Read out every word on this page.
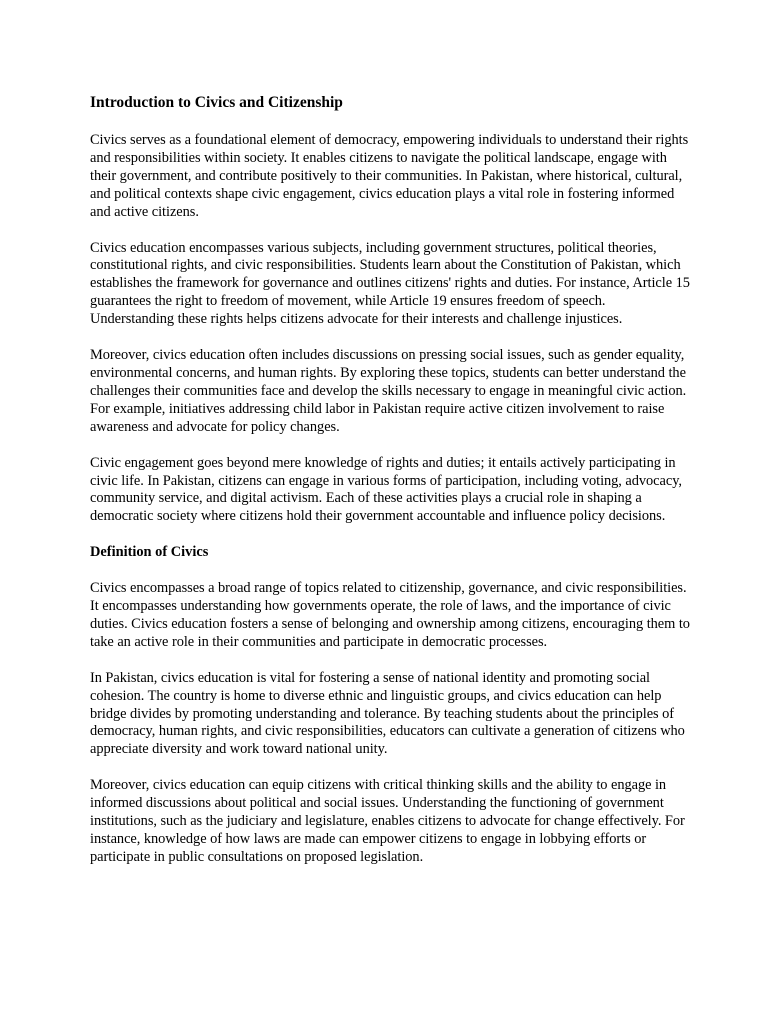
Introduction to Civics and Citizenship

Civics serves as a foundational element of democracy, empowering individuals to understand their rights and responsibilities within society. It enables citizens to navigate the political landscape, engage with their government, and contribute positively to their communities. In Pakistan, where historical, cultural, and political contexts shape civic engagement, civics education plays a vital role in fostering informed and active citizens.

Civics education encompasses various subjects, including government structures, political theories, constitutional rights, and civic responsibilities. Students learn about the Constitution of Pakistan, which establishes the framework for governance and outlines citizens' rights and duties. For instance, Article 15 guarantees the right to freedom of movement, while Article 19 ensures freedom of speech. Understanding these rights helps citizens advocate for their interests and challenge injustices.

Moreover, civics education often includes discussions on pressing social issues, such as gender equality, environmental concerns, and human rights. By exploring these topics, students can better understand the challenges their communities face and develop the skills necessary to engage in meaningful civic action. For example, initiatives addressing child labor in Pakistan require active citizen involvement to raise awareness and advocate for policy changes.

Civic engagement goes beyond mere knowledge of rights and duties; it entails actively participating in civic life. In Pakistan, citizens can engage in various forms of participation, including voting, advocacy, community service, and digital activism. Each of these activities plays a crucial role in shaping a democratic society where citizens hold their government accountable and influence policy decisions.

Definition of Civics

Civics encompasses a broad range of topics related to citizenship, governance, and civic responsibilities. It encompasses understanding how governments operate, the role of laws, and the importance of civic duties. Civics education fosters a sense of belonging and ownership among citizens, encouraging them to take an active role in their communities and participate in democratic processes.

In Pakistan, civics education is vital for fostering a sense of national identity and promoting social cohesion. The country is home to diverse ethnic and linguistic groups, and civics education can help bridge divides by promoting understanding and tolerance. By teaching students about the principles of democracy, human rights, and civic responsibilities, educators can cultivate a generation of citizens who appreciate diversity and work toward national unity.

Moreover, civics education can equip citizens with critical thinking skills and the ability to engage in informed discussions about political and social issues. Understanding the functioning of government institutions, such as the judiciary and legislature, enables citizens to advocate for change effectively. For instance, knowledge of how laws are made can empower citizens to engage in lobbying efforts or participate in public consultations on proposed legislation.
